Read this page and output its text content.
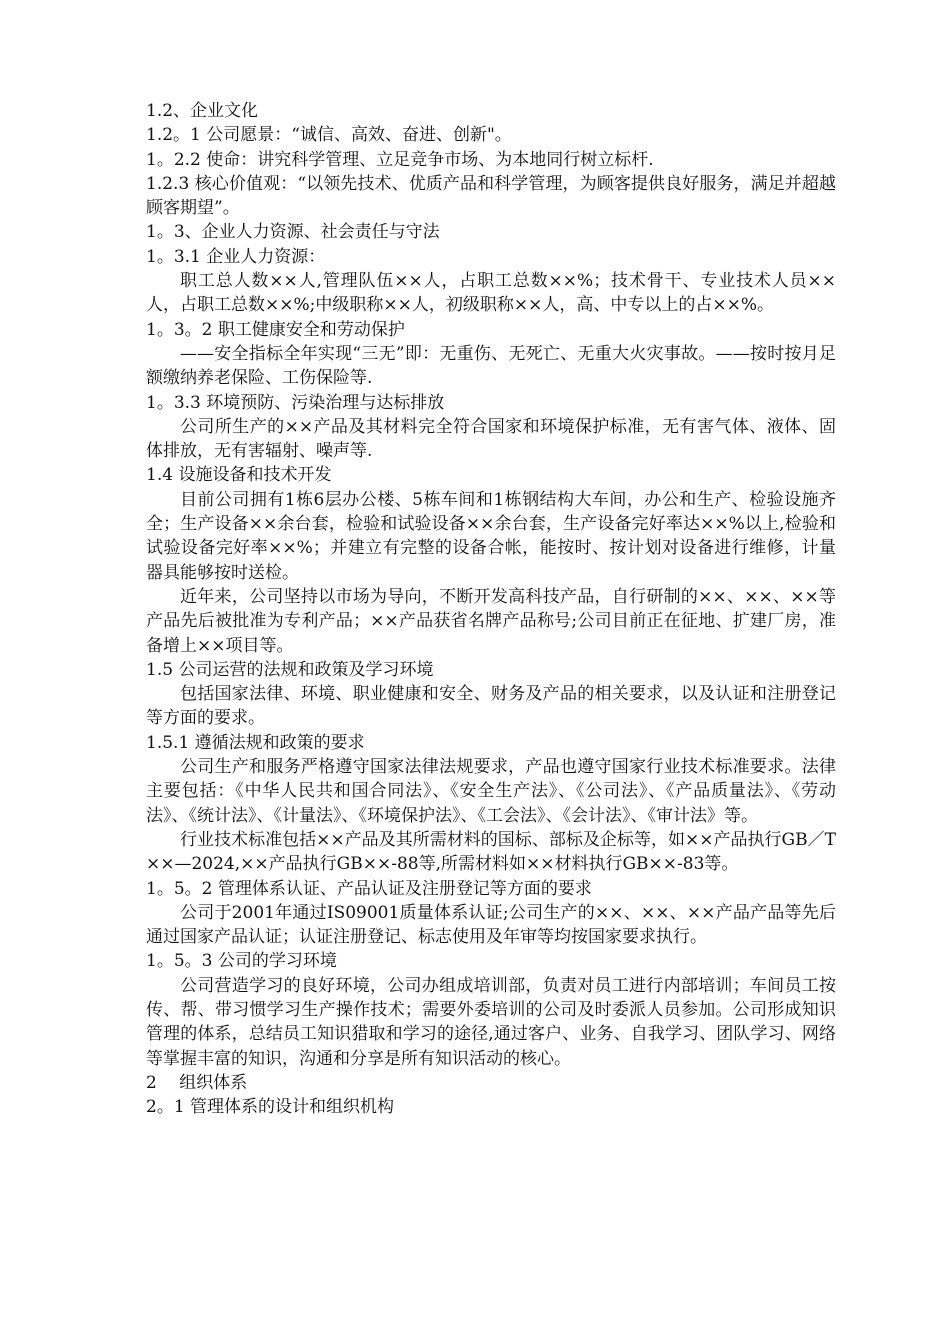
1.2、企业文化

1.2。1 公司愿景：“诚信、高效、奋进、创新"。

1。2.2 使命：讲究科学管理、立足竞争市场、为本地同行树立标杆.

1.2.3 核心价值观：“以领先技术、优质产品和科学管理，为顾客提供良好服务，满足并超越顾客期望”。

1。3、企业人力资源、社会责任与守法

1。3.1 企业人力资源：

职工总人数××人,管理队伍××人，占职工总数××%；技术骨干、专业技术人员××人，占职工总数××%;中级职称××人，初级职称××人，高、中专以上的占××%。

1。3。2 职工健康安全和劳动保护

——安全指标全年实现“三无”即：无重伤、无死亡、无重大火灾事故。——按时按月足额缴纳养老保险、工伤保险等.

1。3.3 环境预防、污染治理与达标排放

公司所生产的××产品及其材料完全符合国家和环境保护标准，无有害气体、液体、固体排放，无有害辐射、噪声等.

1.4 设施设备和技术开发

目前公司拥有1栋6层办公楼、5栋车间和1栋钢结构大车间，办公和生产、检验设施齐全；生产设备××余台套，检验和试验设备××余台套，生产设备完好率达××%以上,检验和试验设备完好率××%；并建立有完整的设备合帐，能按时、按计划对设备进行维修，计量器具能够按时送检。

近年来，公司坚持以市场为导向，不断开发高科技产品，自行研制的××、××、××等产品先后被批准为专利产品；××产品获省名牌产品称号;公司目前正在征地、扩建厂房，准备增上××项目等。

1.5 公司运营的法规和政策及学习环境

包括国家法律、环境、职业健康和安全、财务及产品的相关要求，以及认证和注册登记等方面的要求。

1.5.1 遵循法规和政策的要求

公司生产和服务严格遵守国家法律法规要求，产品也遵守国家行业技术标准要求。法律主要包括：《中华人民共和国合同法》、《安全生产法》、《公司法》、《产品质量法》、《劳动法》、《统计法》、《计量法》、《环境保护法》、《工会法》、《会计法》、《审计法》等。

行业技术标准包括××产品及其所需材料的国标、部标及企标等，如××产品执行GB／T××—2024,××产品执行GB××-88等,所需材料如××材料执行GB××-83等。

1。5。2 管理体系认证、产品认证及注册登记等方面的要求

公司于2001年通过IS09001质量体系认证;公司生产的××、××、××产品产品等先后通过国家产品认证；认证注册登记、标志使用及年审等均按国家要求执行。

1。5。3 公司的学习环境

公司营造学习的良好环境，公司办组成培训部，负责对员工进行内部培训；车间员工按传、帮、带习惯学习生产操作技术；需要外委培训的公司及时委派人员参加。公司形成知识管理的体系，总结员工知识猎取和学习的途径,通过客户、业务、自我学习、团队学习、网络等掌握丰富的知识，沟通和分享是所有知识活动的核心。

2　 组织体系

2。1 管理体系的设计和组织机构
